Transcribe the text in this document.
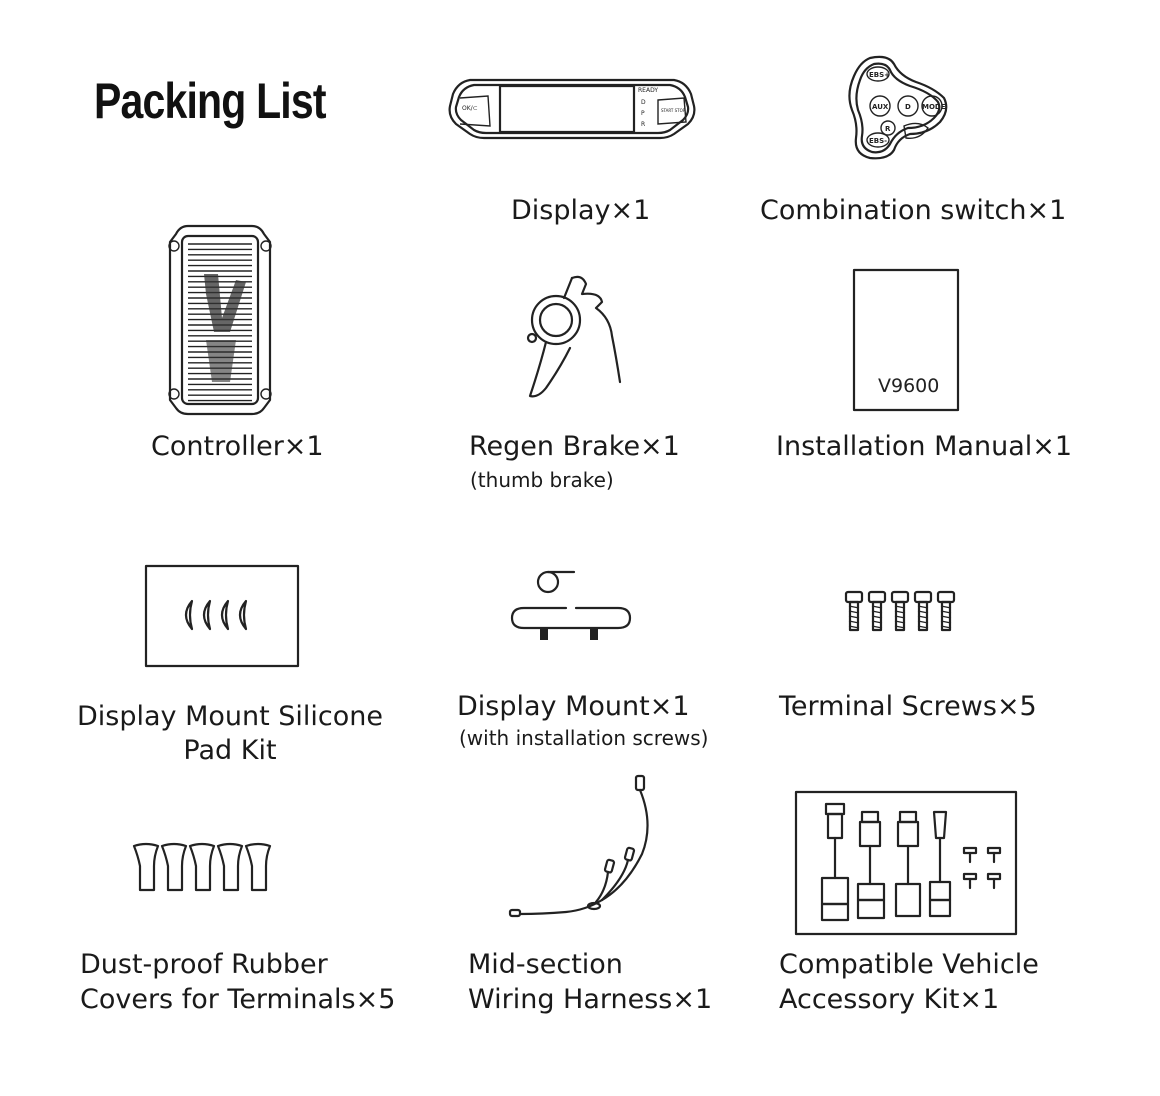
Packing List	OK/⊂
READY
D
P
R
START STOP
Display×1
EBS+
AUX D MODE
R
EBS-
Combination switch×1
Controller×1	Regen Brake×1
(thumb brake)
V9600
Installation Manual×1
Display Mount Silicone
Pad Kit
Display Mount×1
(with installation screws)
Terminal Screws×5
Dust-proof Rubber
Covers for Terminals×5
Mid-section
Wiring Harness×1
Compatible Vehicle
Accessory Kit×1
